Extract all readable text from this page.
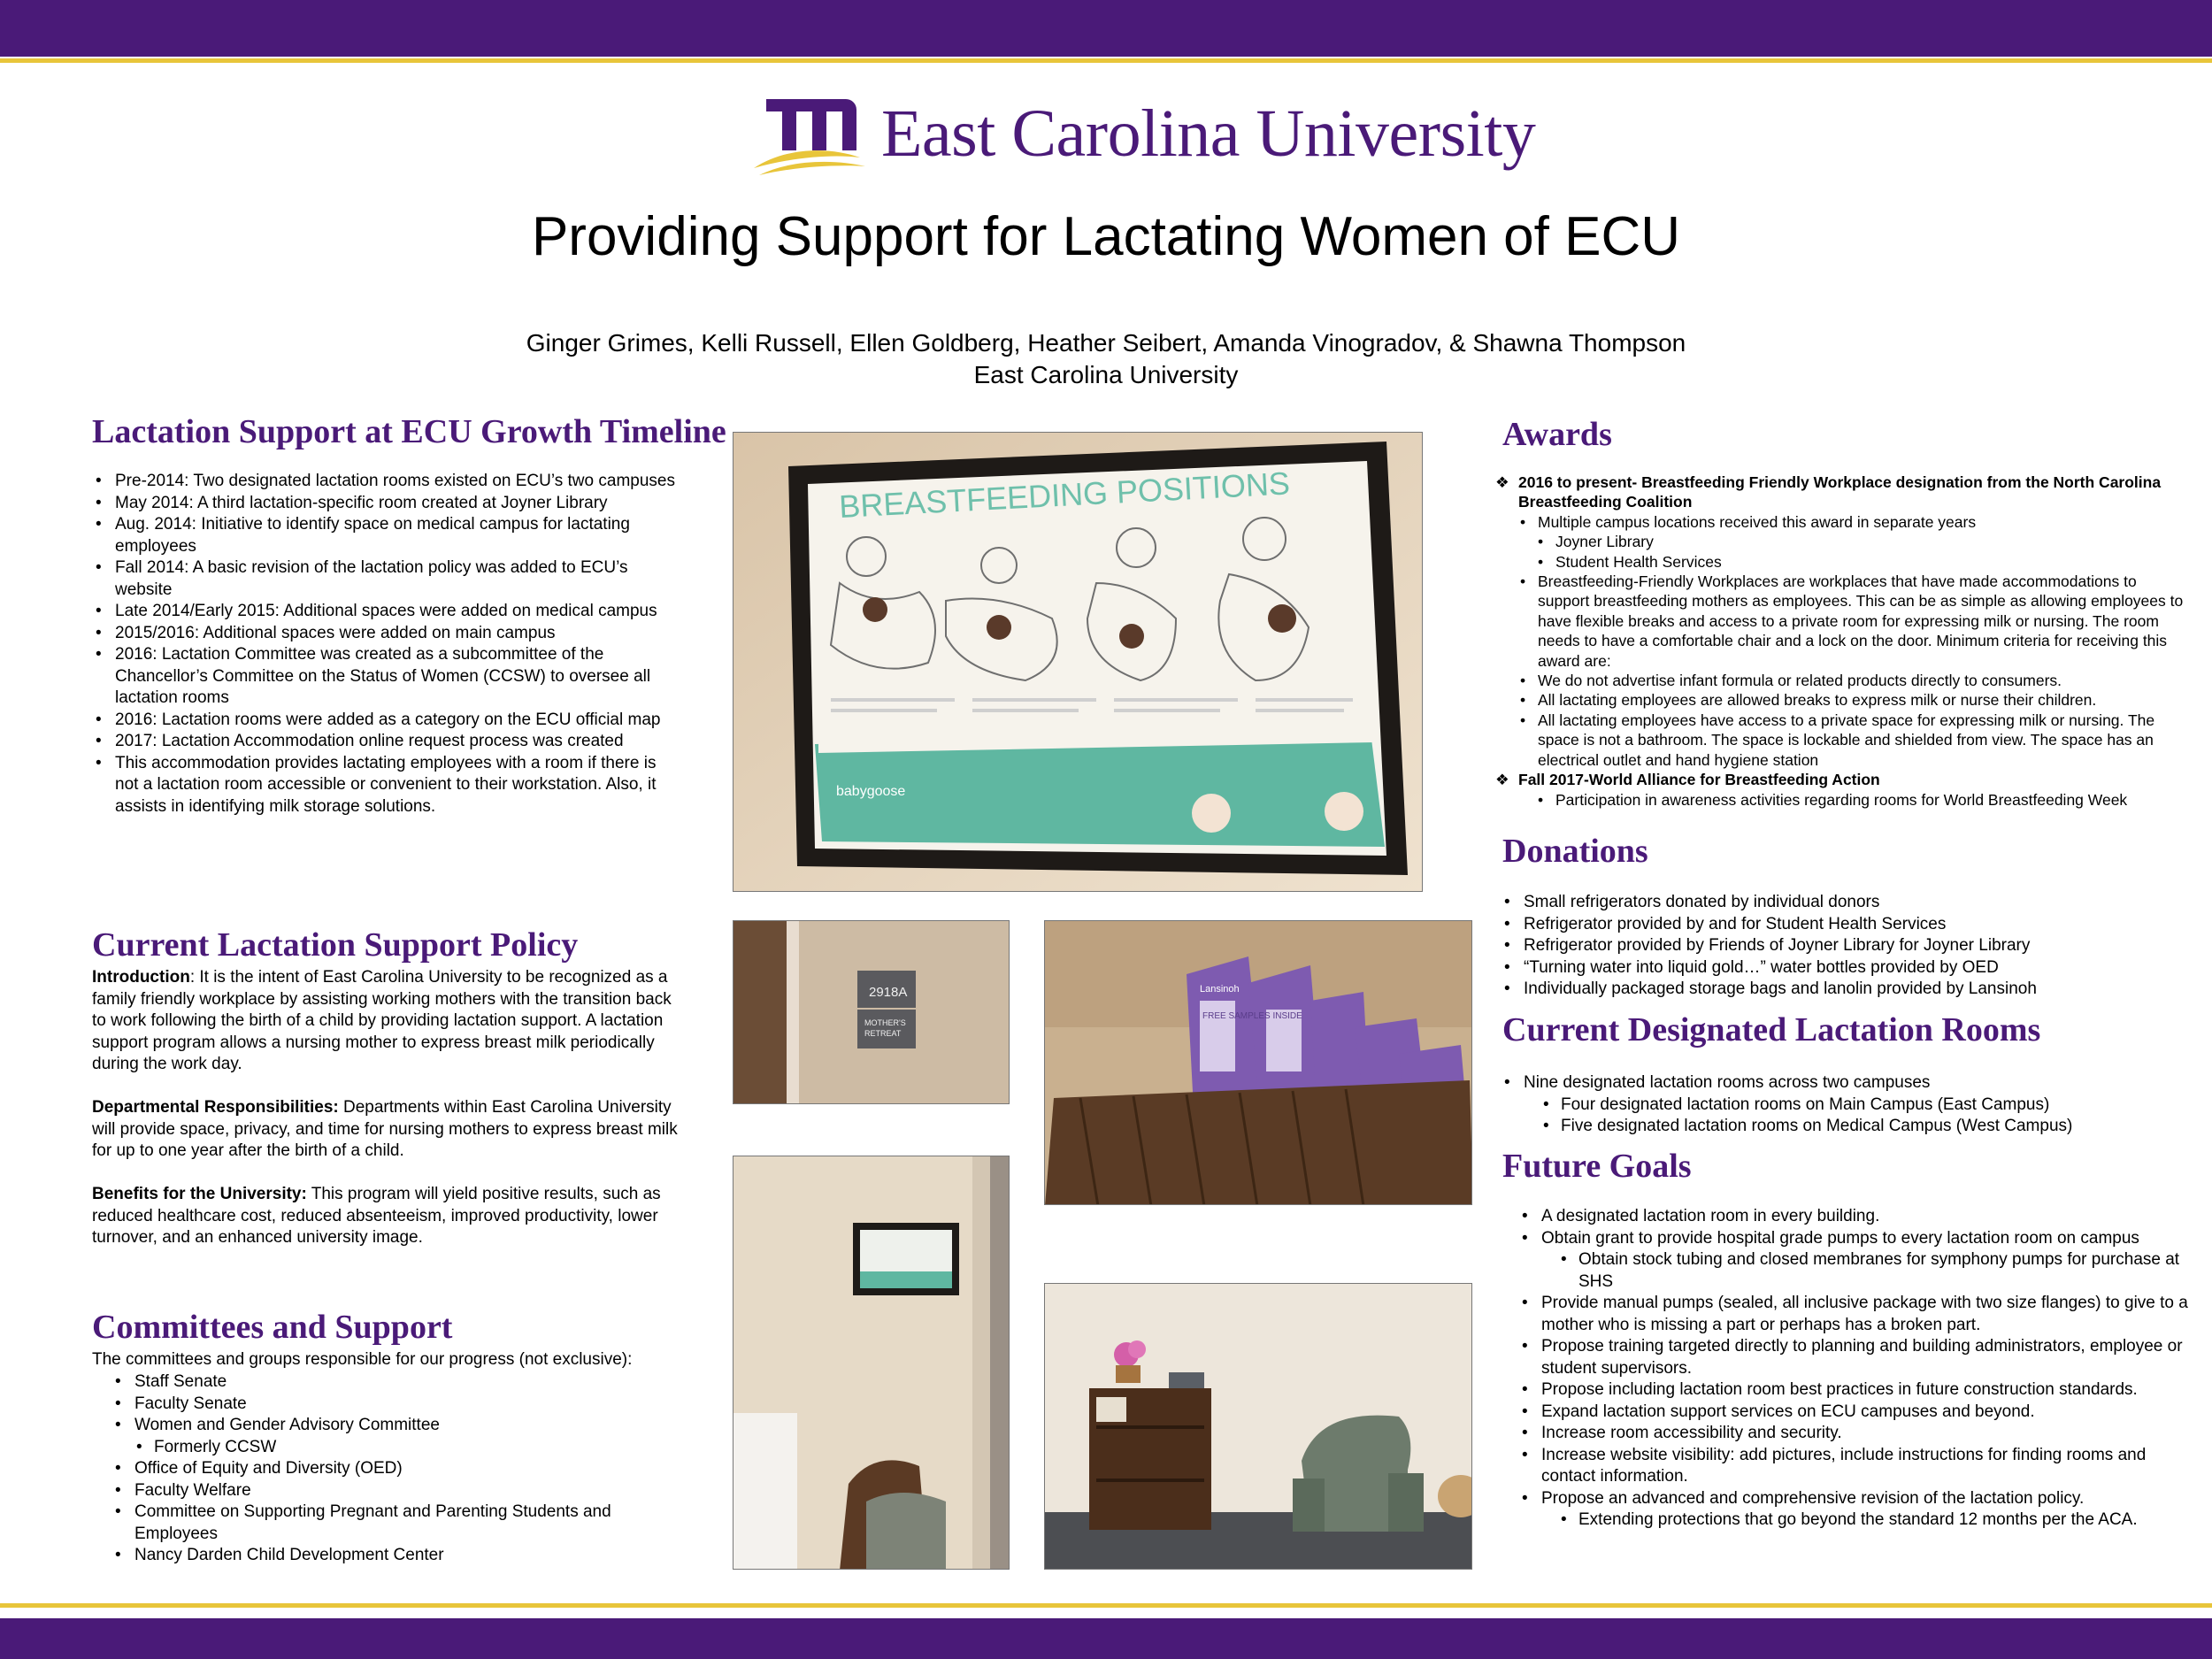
East Carolina University
Providing Support for Lactating Women of ECU
Ginger Grimes, Kelli Russell, Ellen Goldberg, Heather Seibert, Amanda Vinogradov, & Shawna Thompson
East Carolina University
Lactation Support at ECU Growth Timeline
• Pre-2014: Two designated lactation rooms existed on ECU’s two campuses
• May 2014: A third lactation-specific room created at Joyner Library
• Aug. 2014: Initiative to identify space on medical campus for lactating employees
• Fall 2014: A basic revision of the lactation policy was added to ECU’s website
• Late 2014/Early 2015: Additional spaces were added on medical campus
• 2015/2016: Additional spaces were added on main campus
• 2016: Lactation Committee was created as a subcommittee of the Chancellor’s Committee on the Status of Women (CCSW) to oversee all lactation rooms
• 2016: Lactation rooms were added as a category on the ECU official map
• 2017: Lactation Accommodation online request process was created
• This accommodation provides lactating employees with a room if there is not a lactation room accessible or convenient to their workstation. Also, it assists in identifying milk storage solutions.
Current Lactation Support Policy

Introduction: It is the intent of East Carolina University to be recognized as a family friendly workplace by assisting working mothers with the transition back to work following the birth of a child by providing lactation support. A lactation support program allows a nursing mother to express breast milk periodically during the work day.

Departmental Responsibilities: Departments within East Carolina University will provide space, privacy, and time for nursing mothers to express breast milk for up to one year after the birth of a child.

Benefits for the University: This program will yield positive results, such as reduced healthcare cost, reduced absenteeism, improved productivity, lower turnover, and an enhanced university image.

Committees and Support
The committees and groups responsible for our progress (not exclusive):
• Staff Senate
• Faculty Senate
• Women and Gender Advisory Committee
• Formerly CCSW
• Office of Equity and Diversity (OED)
• Faculty Welfare
• Committee on Supporting Pregnant and Parenting Students and Employees
• Nancy Darden Child Development Center
BREASTFEEDING POSITIONS
babygoose
2918A
MOTHER'S
RETREAT
FREE SAMPLES INSIDE
Lansinoh
Awards
❖ 2016 to present- Breastfeeding Friendly Workplace designation from the North Carolina Breastfeeding Coalition
• Multiple campus locations received this award in separate years
• Joyner Library
• Student Health Services
• Breastfeeding-Friendly Workplaces are workplaces that have made accommodations to support breastfeeding mothers as employees. This can be as simple as allowing employees to have flexible breaks and access to a private room for expressing milk or nursing. The room needs to have a comfortable chair and a lock on the door. Minimum criteria for receiving this award are:
• We do not advertise infant formula or related products directly to consumers.
• All lactating employees are allowed breaks to express milk or nurse their children.
• All lactating employees have access to a private space for expressing milk or nursing. The space is not a bathroom. The space is lockable and shielded from view. The space has an electrical outlet and hand hygiene station
❖ Fall 2017-World Alliance for Breastfeeding Action
• Participation in awareness activities regarding rooms for World Breastfeeding Week
Donations
• Small refrigerators donated by individual donors
• Refrigerator provided by and for Student Health Services
• Refrigerator provided by Friends of Joyner Library for Joyner Library
• “Turning water into liquid gold…” water bottles provided by OED
• Individually packaged storage bags and lanolin provided by Lansinoh
Current Designated Lactation Rooms
• Nine designated lactation rooms across two campuses
• Four designated lactation rooms on Main Campus (East Campus)
• Five designated lactation rooms on Medical Campus (West Campus)
Future Goals
• A designated lactation room in every building.
• Obtain grant to provide hospital grade pumps to every lactation room on campus
• Obtain stock tubing and closed membranes for symphony pumps for purchase at SHS
• Provide manual pumps (sealed, all inclusive package with two size flanges) to give to a mother who is missing a part or perhaps has a broken part.
• Propose training targeted directly to planning and building administrators, employee or student supervisors.
• Propose including lactation room best practices in future construction standards.
• Expand lactation support services on ECU campuses and beyond.
• Increase room accessibility and security.
• Increase website visibility: add pictures, include instructions for finding rooms and contact information.
• Propose an advanced and comprehensive revision of the lactation policy.
• Extending protections that go beyond the standard 12 months per the ACA.
